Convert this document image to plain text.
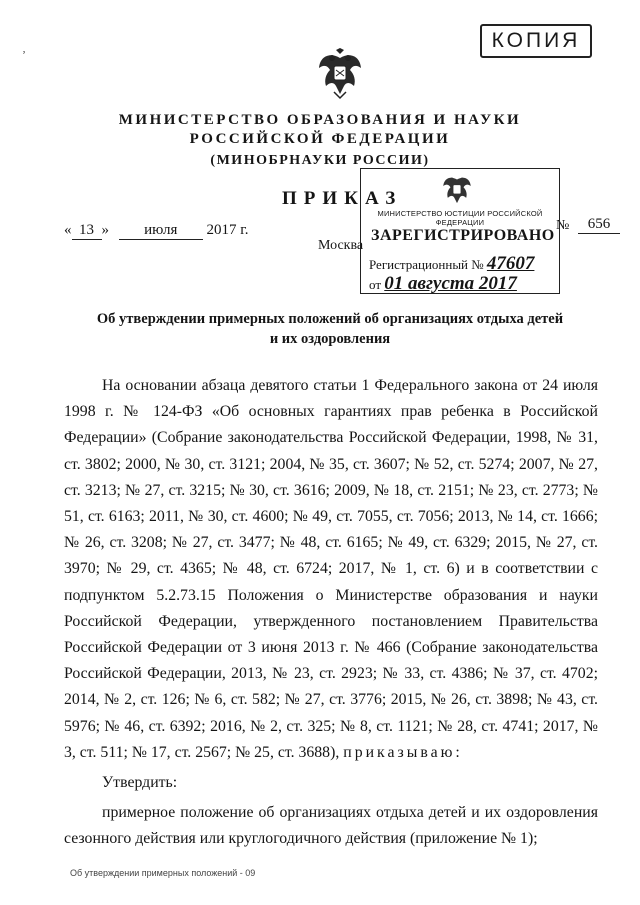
КОПИЯ
ʼ
МИНИСТЕРСТВО ОБРАЗОВАНИЯ И НАУКИ
РОССИЙСКОЙ ФЕДЕРАЦИИ
(МИНОБРНАУКИ РОССИИ)
ПРИКАЗ
« 13 » июля 2017 г.
Москва
№	656
МИНИСТЕРСТВО ЮСТИЦИИ РОССИЙСКОЙ ФЕДЕРАЦИИ
ЗАРЕГИСТРИРОВАНО
Регистрационный № 47607
от 01 августа 2017
Об утверждении примерных положений об организациях отдыха детей
и их оздоровления

На основании абзаца девятого статьи 1 Федерального закона от 24 июля 1998 г. № 124-ФЗ «Об основных гарантиях прав ребенка в Российской Федерации» (Собрание законодательства Российской Федерации, 1998, № 31, ст. 3802; 2000, № 30, ст. 3121; 2004, № 35, ст. 3607; № 52, ст. 5274; 2007, № 27, ст. 3213; № 27, ст. 3215; № 30, ст. 3616; 2009, № 18, ст. 2151; № 23, ст. 2773; № 51, ст. 6163; 2011, № 30, ст. 4600; № 49, ст. 7055, ст. 7056; 2013, № 14, ст. 1666; № 26, ст. 3208; № 27, ст. 3477; № 48, ст. 6165; № 49, ст. 6329; 2015, № 27, ст. 3970; № 29, ст. 4365; № 48, ст. 6724; 2017, № 1, ст. 6) и в соответствии с подпунктом 5.2.73.15 Положения о Министерстве образования и науки Российской Федерации, утвержденного постановлением Правительства Российской Федерации от 3 июня 2013 г. № 466 (Собрание законодательства Российской Федерации, 2013, № 23, ст. 2923; № 33, ст. 4386; № 37, ст. 4702; 2014, № 2, ст. 126; № 6, ст. 582; № 27, ст. 3776; 2015, № 26, ст. 3898; № 43, ст. 5976; № 46, ст. 6392; 2016, № 2, ст. 325; № 8, ст. 1121; № 28, ст. 4741; 2017, № 3, ст. 511; № 17, ст. 2567; № 25, ст. 3688), приказываю:

Утвердить:

примерное положение об организациях отдыха детей и их оздоровления сезонного действия или круглогодичного действия (приложение № 1);

Об утверждении примерных положений - 09
